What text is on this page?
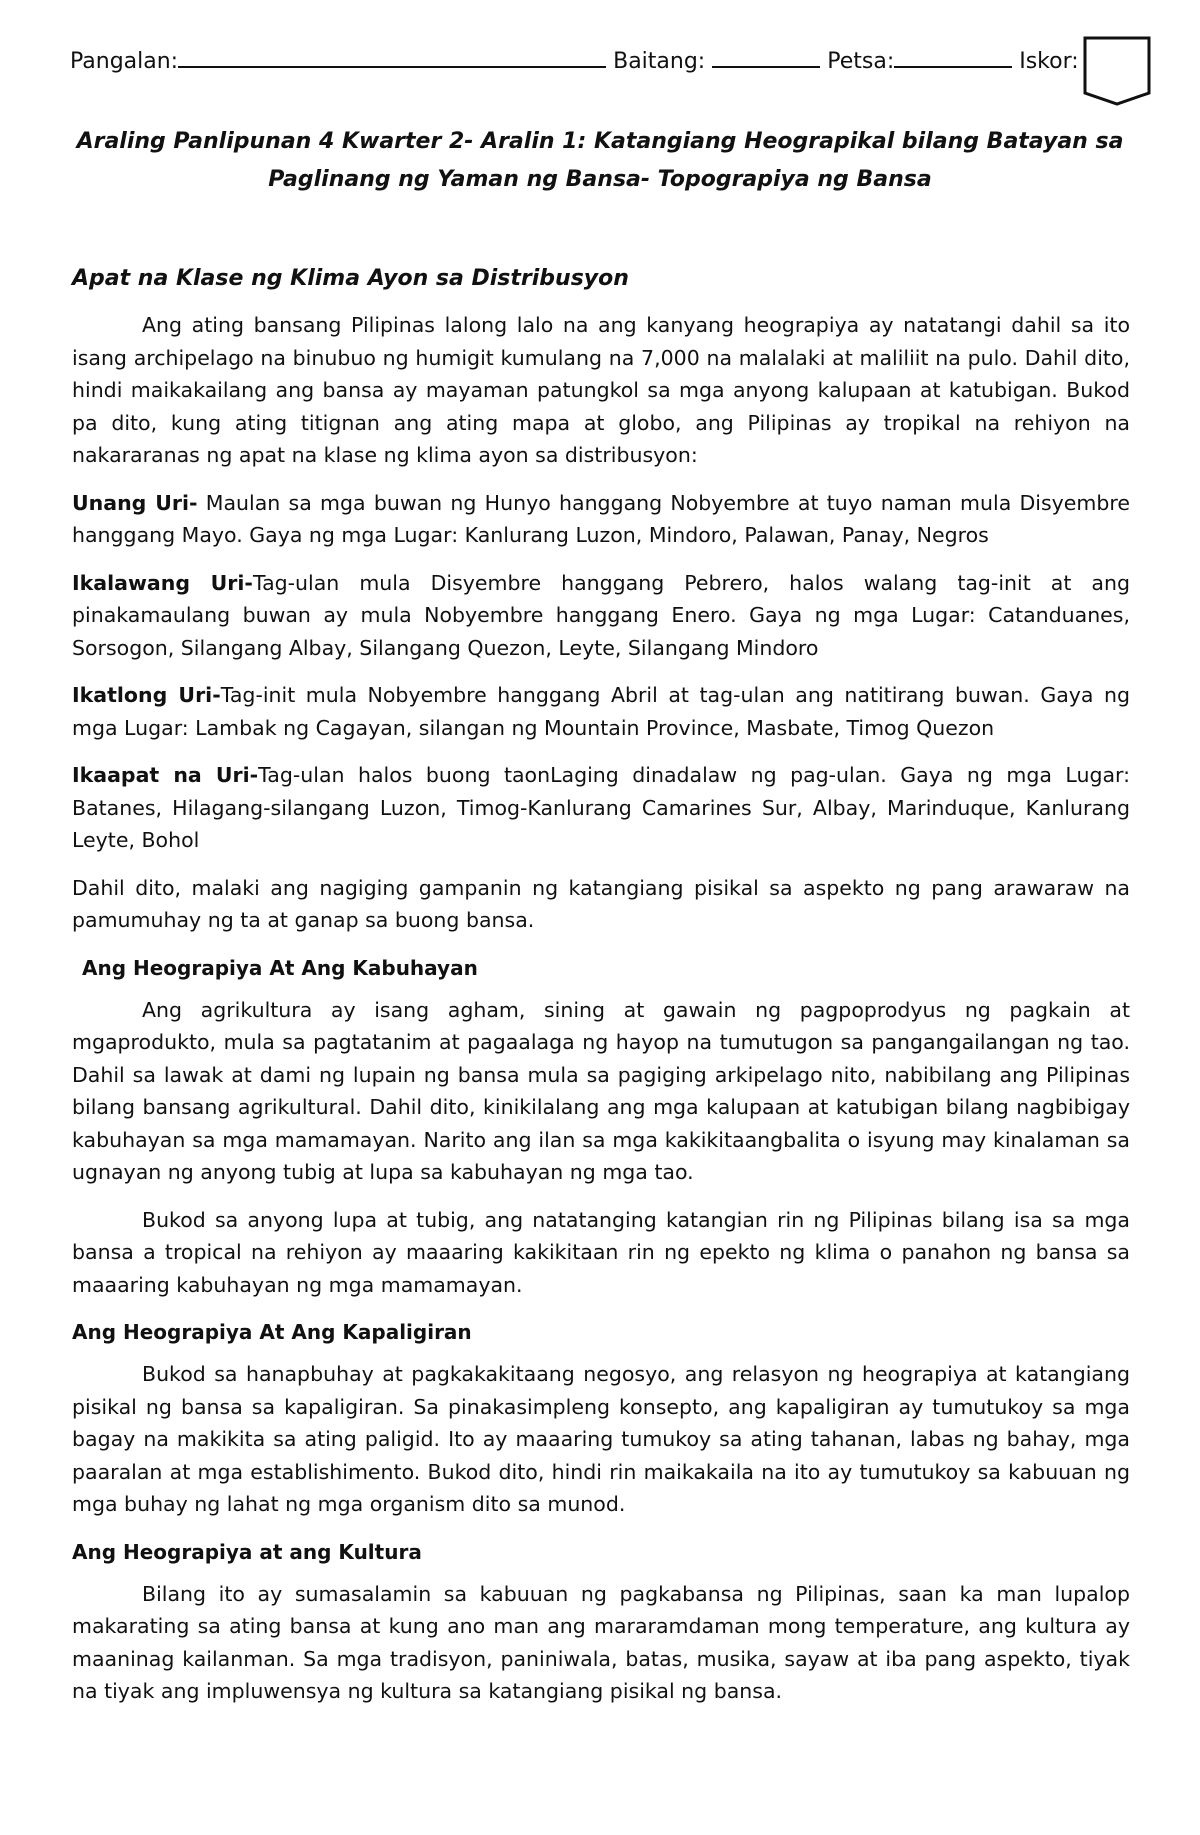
Pangalan:	Baitang:	Petsa:	Iskor:
Araling Panlipunan 4 Kwarter 2- Aralin 1: Katangiang Heograpikal bilang Batayan sa
Paglinang ng Yaman ng Bansa- Topograpiya ng Bansa
Apat na Klase ng Klima Ayon sa Distribusyon

Ang ating bansang Pilipinas lalong lalo na ang kanyang heograpiya ay natatangi dahil sa ito isang archipelago na binubuo ng humigit kumulang na 7,000 na malalaki at maliliit na pulo. Dahil dito, hindi maikakailang ang bansa ay mayaman patungkol sa mga anyong kalupaan at katubigan. Bukod pa dito, kung ating titignan ang ating mapa at globo, ang Pilipinas ay tropikal na rehiyon na nakararanas ng apat na klase ng klima ayon sa distribusyon:

Unang Uri- Maulan sa mga buwan ng Hunyo hanggang Nobyembre at tuyo naman mula Disyembre hanggang Mayo. Gaya ng mga Lugar: Kanlurang Luzon, Mindoro, Palawan, Panay, Negros

Ikalawang Uri-Tag-ulan mula Disyembre hanggang Pebrero, halos walang tag-init at ang pinakamaulang buwan ay mula Nobyembre hanggang Enero. Gaya ng mga Lugar: Catanduanes, Sorsogon, Silangang Albay, Silangang Quezon, Leyte, Silangang Mindoro

Ikatlong Uri-Tag-init mula Nobyembre hanggang Abril at tag-ulan ang natitirang buwan. Gaya ng mga Lugar: Lambak ng Cagayan, silangan ng Mountain Province, Masbate, Timog Quezon

Ikaapat na Uri-Tag-ulan halos buong taonLaging dinadalaw ng pag-ulan. Gaya ng mga Lugar: Batanes, Hilagang-silangang Luzon, Timog-Kanlurang Camarines Sur, Albay, Marinduque, Kanlurang Leyte, Bohol

Dahil dito, malaki ang nagiging gampanin ng katangiang pisikal sa aspekto ng pang arawaraw na pamumuhay ng ta at ganap sa buong bansa.

Ang Heograpiya At Ang Kabuhayan

Ang agrikultura ay isang agham, sining at gawain ng pagpoprodyus ng pagkain at mgaprodukto, mula sa pagtatanim at pagaalaga ng hayop na tumutugon sa pangangailangan ng tao. Dahil sa lawak at dami ng lupain ng bansa mula sa pagiging arkipelago nito, nabibilang ang Pilipinas bilang bansang agrikultural. Dahil dito, kinikilalang ang mga kalupaan at katubigan bilang nagbibigay kabuhayan sa mga mamamayan. Narito ang ilan sa mga kakikitaangbalita o isyung may kinalaman sa ugnayan ng anyong tubig at lupa sa kabuhayan ng mga tao.

Bukod sa anyong lupa at tubig, ang natatanging katangian rin ng Pilipinas bilang isa sa mga bansa a tropical na rehiyon ay maaaring kakikitaan rin ng epekto ng klima o panahon ng bansa sa maaaring kabuhayan ng mga mamamayan.

Ang Heograpiya At Ang Kapaligiran

Bukod sa hanapbuhay at pagkakakitaang negosyo, ang relasyon ng heograpiya at katangiang pisikal ng bansa sa kapaligiran. Sa pinakasimpleng konsepto, ang kapaligiran ay tumutukoy sa mga bagay na makikita sa ating paligid. Ito ay maaaring tumukoy sa ating tahanan, labas ng bahay, mga paaralan at mga establishimento. Bukod dito, hindi rin maikakaila na ito ay tumutukoy sa kabuuan ng mga buhay ng lahat ng mga organism dito sa munod.

Ang Heograpiya at ang Kultura

Bilang ito ay sumasalamin sa kabuuan ng pagkabansa ng Pilipinas, saan ka man lupalop makarating sa ating bansa at kung ano man ang mararamdaman mong temperature, ang kultura ay maaninag kailanman. Sa mga tradisyon, paniniwala, batas, musika, sayaw at iba pang aspekto, tiyak na tiyak ang impluwensya ng kultura sa katangiang pisikal ng bansa.
